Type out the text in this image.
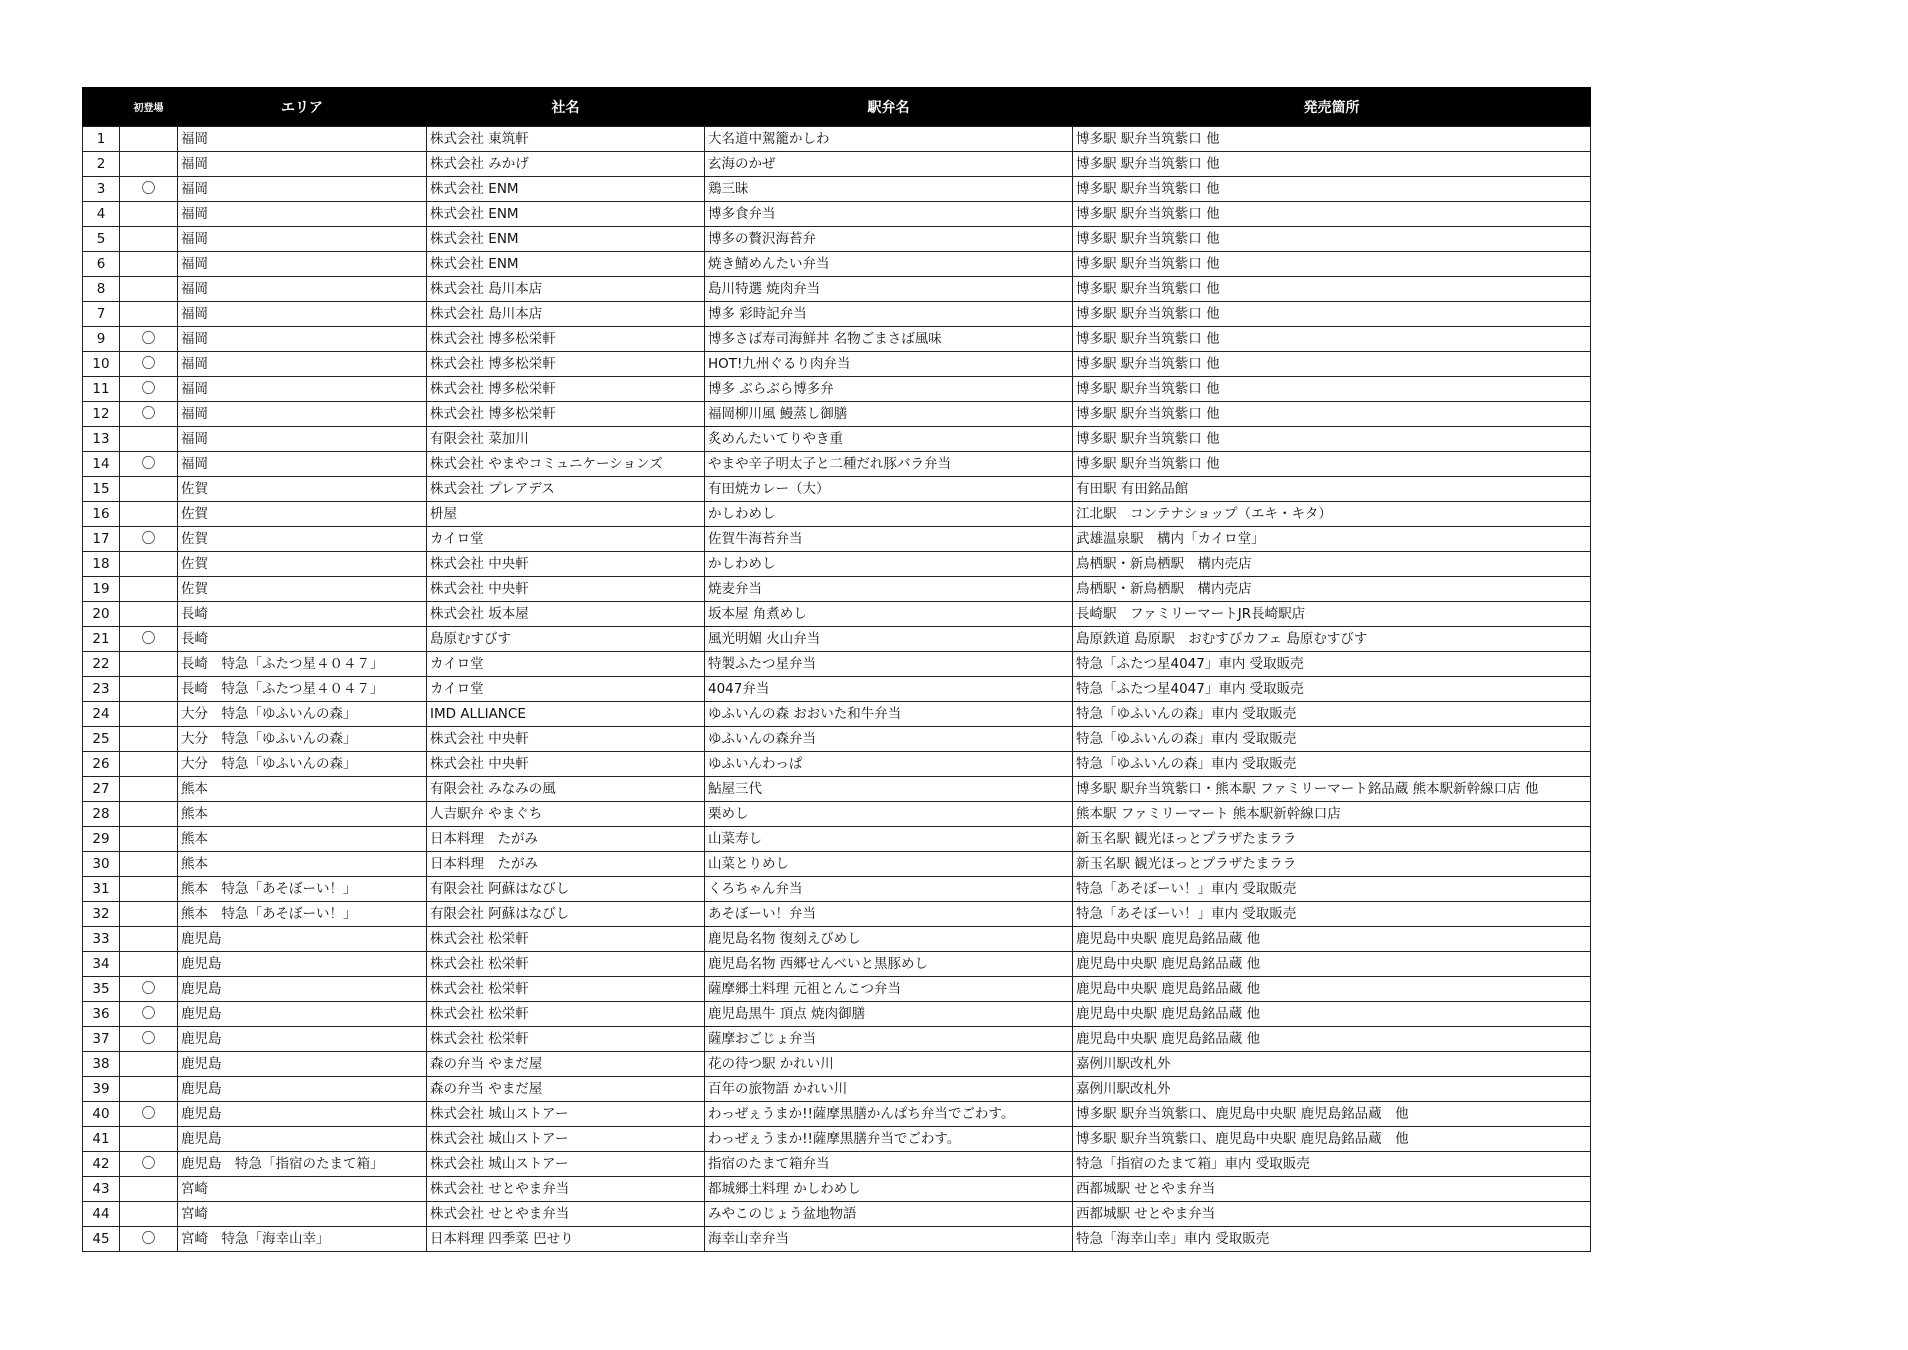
	初登場	エリア	社名	駅弁名	発売箇所
1		福岡	株式会社 東筑軒	大名道中駕籠かしわ	博多駅 駅弁当筑紫口 他
2		福岡	株式会社 みかげ	玄海のかぜ	博多駅 駅弁当筑紫口 他
3	〇	福岡	株式会社 ENM	鶏三昧	博多駅 駅弁当筑紫口 他
4		福岡	株式会社 ENM	博多食弁当	博多駅 駅弁当筑紫口 他
5		福岡	株式会社 ENM	博多の贅沢海苔弁	博多駅 駅弁当筑紫口 他
6		福岡	株式会社 ENM	焼き鯖めんたい弁当	博多駅 駅弁当筑紫口 他
8		福岡	株式会社 島川本店	島川特選 焼肉弁当	博多駅 駅弁当筑紫口 他
7		福岡	株式会社 島川本店	博多 彩時記弁当	博多駅 駅弁当筑紫口 他
9	〇	福岡	株式会社 博多松栄軒	博多さば寿司海鮮丼 名物ごまさば風味	博多駅 駅弁当筑紫口 他
10	〇	福岡	株式会社 博多松栄軒	HOT!九州ぐるり肉弁当	博多駅 駅弁当筑紫口 他
11	〇	福岡	株式会社 博多松栄軒	博多 ぶらぶら博多弁	博多駅 駅弁当筑紫口 他
12	〇	福岡	株式会社 博多松栄軒	福岡柳川風 鰻蒸し御膳	博多駅 駅弁当筑紫口 他
13		福岡	有限会社 菜加川	炙めんたいてりやき重	博多駅 駅弁当筑紫口 他
14	〇	福岡	株式会社 やまやコミュニケーションズ	やまや辛子明太子と二種だれ豚バラ弁当	博多駅 駅弁当筑紫口 他
15		佐賀	株式会社 プレアデス	有田焼カレー（大）	有田駅 有田銘品館
16		佐賀	枡屋	かしわめし	江北駅　コンテナショップ（エキ・キタ）
17	〇	佐賀	カイロ堂	佐賀牛海苔弁当	武雄温泉駅　構内「カイロ堂」
18		佐賀	株式会社 中央軒	かしわめし	鳥栖駅・新鳥栖駅　構内売店
19		佐賀	株式会社 中央軒	焼麦弁当	鳥栖駅・新鳥栖駅　構内売店
20		長崎	株式会社 坂本屋	坂本屋 角煮めし	長崎駅　ファミリーマートJR長崎駅店
21	〇	長崎	島原むすびす	風光明媚 火山弁当	島原鉄道 島原駅　おむすびカフェ 島原むすびす
22		長崎　特急「ふたつ星４０４７」	カイロ堂	特製ふたつ星弁当	特急「ふたつ星4047」車内 受取販売
23		長崎　特急「ふたつ星４０４７」	カイロ堂	4047弁当	特急「ふたつ星4047」車内 受取販売
24		大分　特急「ゆふいんの森」	IMD ALLIANCE	ゆふいんの森 おおいた和牛弁当	特急「ゆふいんの森」車内 受取販売
25		大分　特急「ゆふいんの森」	株式会社 中央軒	ゆふいんの森弁当	特急「ゆふいんの森」車内 受取販売
26		大分　特急「ゆふいんの森」	株式会社 中央軒	ゆふいんわっぱ	特急「ゆふいんの森」車内 受取販売
27		熊本	有限会社 みなみの風	鮎屋三代	博多駅 駅弁当筑紫口・熊本駅 ファミリーマート銘品蔵 熊本駅新幹線口店 他
28		熊本	人吉駅弁 やまぐち	栗めし	熊本駅 ファミリーマート 熊本駅新幹線口店
29		熊本	日本料理　たがみ	山菜寿し	新玉名駅 観光ほっとプラザたまララ
30		熊本	日本料理　たがみ	山菜とりめし	新玉名駅 観光ほっとプラザたまララ
31		熊本　特急「あそぼーい！」	有限会社 阿蘇はなびし	くろちゃん弁当	特急「あそぼーい！」車内 受取販売
32		熊本　特急「あそぼーい！」	有限会社 阿蘇はなびし	あそぼーい！弁当	特急「あそぼーい！」車内 受取販売
33		鹿児島	株式会社 松栄軒	鹿児島名物 復刻えびめし	鹿児島中央駅 鹿児島銘品蔵 他
34		鹿児島	株式会社 松栄軒	鹿児島名物 西郷せんべいと黒豚めし	鹿児島中央駅 鹿児島銘品蔵 他
35	〇	鹿児島	株式会社 松栄軒	薩摩郷土料理 元祖とんこつ弁当	鹿児島中央駅 鹿児島銘品蔵 他
36	〇	鹿児島	株式会社 松栄軒	鹿児島黒牛 頂点 焼肉御膳	鹿児島中央駅 鹿児島銘品蔵 他
37	〇	鹿児島	株式会社 松栄軒	薩摩おごじょ弁当	鹿児島中央駅 鹿児島銘品蔵 他
38		鹿児島	森の弁当 やまだ屋	花の待つ駅 かれい川	嘉例川駅改札外
39		鹿児島	森の弁当 やまだ屋	百年の旅物語 かれい川	嘉例川駅改札外
40	〇	鹿児島	株式会社 城山ストアー	わっぜぇうまか!!薩摩黒膳かんぱち弁当でごわす。	博多駅 駅弁当筑紫口、鹿児島中央駅 鹿児島銘品蔵　他
41		鹿児島	株式会社 城山ストアー	わっぜぇうまか!!薩摩黒膳弁当でごわす。	博多駅 駅弁当筑紫口、鹿児島中央駅 鹿児島銘品蔵　他
42	〇	鹿児島　特急「指宿のたまて箱」	株式会社 城山ストアー	指宿のたまて箱弁当	特急「指宿のたまて箱」車内 受取販売
43		宮崎	株式会社 せとやま弁当	都城郷土料理 かしわめし	西都城駅 せとやま弁当
44		宮崎	株式会社 せとやま弁当	みやこのじょう盆地物語	西都城駅 せとやま弁当
45	〇	宮崎　特急「海幸山幸」	日本料理 四季菜 巴せり	海幸山幸弁当	特急「海幸山幸」車内 受取販売
